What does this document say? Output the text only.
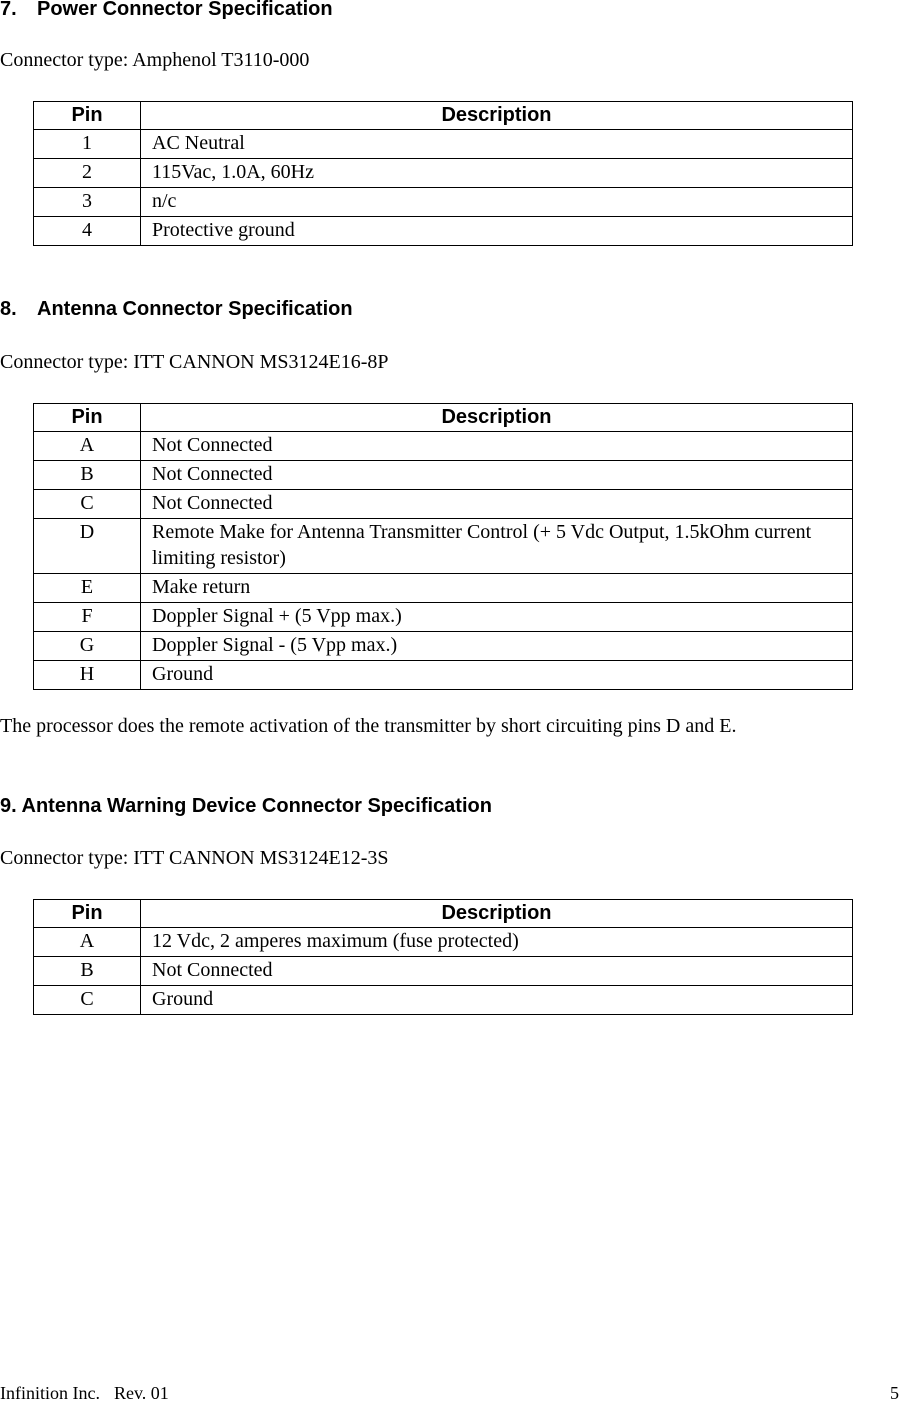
7. Power Connector Specification
Connector type: Amphenol T3110-000
Pin	Description
1	AC Neutral
2	115Vac, 1.0A, 60Hz
3	n/c
4	Protective ground
8. Antenna Connector Specification
Connector type: ITT CANNON MS3124E16-8P
Pin	Description
A	Not Connected
B	Not Connected
C	Not Connected
D	Remote Make for Antenna Transmitter Control (+ 5 Vdc Output, 1.5kOhm current limiting resistor)
E	Make return
F	Doppler Signal + (5 Vpp max.)
G	Doppler Signal - (5 Vpp max.)
H	Ground
The processor does the remote activation of the transmitter by short circuiting pins D and E.
9. Antenna Warning Device Connector Specification
Connector type: ITT CANNON MS3124E12-3S
Pin	Description
A	12 Vdc, 2 amperes maximum (fuse protected)
B	Not Connected
C	Ground
Infinition Inc. Rev. 01	5
